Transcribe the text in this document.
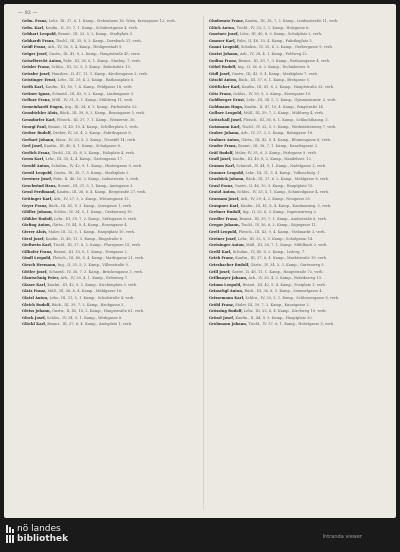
— 92 —
Gebn. Franz, Lehr., III, 37, 6, 1. Kamp., Siebenhaus 16, Wien, Kreuzgasse 12, verh.
Gebs. Karl, Kaufm., II, 29, 7, 1. Kamp., Schubertgasse 4, verh.
Gebhart Leopold, Beamt., III, 33, 5, 2. Kamp., Stadtplatz 3.
Gebhardt Franz, Tischl., III, 35, 8, 3. Kamp., Dornbach 21, verh.
Geidl Franz, Arb., IV, 26, 3, 4. Kamp., Heiligenstadt 9.
Geiger Josef, Gastw., III, 41, 9, 2. Kamp., Hauptstraße 45, verw.
Geiselbrecht Anton, Fabr., III, 38, 6, 1. Kamp., Marktg. 7, verh.
Geisler Franz, Schlos., III, 32, 5, 3. Kamp., Bahnhofstr. 13.
Geissler Josef, Hausbes., II, 47, 11, 1. Kamp., Kirchengasse 2, verh.
Geistinger Ernst, Lehr., III, 29, 4, 2. Kamp., Rathausplatz 6.
Geith Karl, Kaufm., III, 36, 7, 4. Kamp., Feldgasse 18, verh.
Geitner Ignaz, Schneid., III, 43, 9, 2. Kamp., Lindengasse 3.
Gellner Franz, Müll., IV, 31, 5, 1. Kamp., Mühlweg 11, verh.
Gemeinhardt Eugen, Ing., III, 34, 6, 3. Kamp., Parkstraße 22.
Gensbichler Alois, Bäck., III, 39, 8, 2. Kamp., Brunngasse 5, verh.
Gensdorfer Karl, Fleisch., III, 37, 7, 1. Kamp., Wienerstr. 30.
Georgi Paul, Beamt., II, 45, 10, 4. Kamp., Schillerplatz 1, verh.
Gerber Rudolf, Dreher, IV, 28, 4, 2. Kamp., Fabriksgasse 8.
Gerhart Johann, Maur., IV, 33, 5, 3. Kamp., Neustift 14, verh.
Gerl Josef, Kaufm., III, 40, 8, 1. Kamp., Schulgasse 6.
Gerlich Franz, Tischl., III, 35, 6, 2. Kamp., Holzplatz 4, verh.
Germ Karl, Lehr., III, 30, 4, 4. Kamp., Gartengasse 17.
Gerold Anton, Schuhm., IV, 42, 9, 1. Kamp., Hintergasse 9, verh.
Gerstl Leopold, Gastw., III, 38, 7, 3. Kamp., Marktplatz 2.
Gerstner Josef, Fabr., II, 46, 10, 2. Kamp., Industriestr. 5, verh.
Geschwind Hans, Beamt., III, 31, 5, 1. Kamp., Amtsgasse 3.
Gessl Ferdinand, Kaufm., III, 36, 6, 4. Kamp., Bergstraße 27, verh.
Gettinger Karl, Arb., IV, 27, 3, 2. Kamp., Wiesengasse 12.
Geyer Franz, Bäck., III, 41, 8, 3. Kamp., Quergasse 1, verh.
Gföller Johann, Schlos., IV, 34, 5, 1. Kamp., Grabenweg 19.
Gföhler Rudolf, Lehr., III, 39, 7, 2. Kamp., Stiftsgasse 8, verh.
Giefing Anton, Gärtn., IV, 44, 9, 4. Kamp., Rosengasse 4.
Gierer Alois, Maler, III, 32, 5, 1. Kamp., Hauptplatz 10, verh.
Giesl Josef, Kaufm., II, 48, 11, 3. Kamp., Ringstraße 6.
Gießwein Karl, Tischl., III, 37, 6, 2. Kamp., Pfarrgasse 15, verh.
Gilhofer Franz, Beamt., III, 35, 6, 1. Kamp., Postgasse 2.
Gindl Leopold, Fleisch., III, 40, 8, 4. Kamp., Marktgasse 21, verh.
Girsch Hermann, Ing., II, 33, 5, 2. Kamp., Villenstraße 9.
Gittler Josef, Schneid., IV, 38, 7, 3. Kamp., Brückengasse 3, verh.
Glantschnig Peter, Arb., IV, 29, 4, 1. Kamp., Erlenweg 7.
Glaser Karl, Kaufm., III, 42, 9, 2. Kamp., Kirchenplatz 5, verh.
Glatz Franz, Müll., III, 36, 6, 4. Kamp., Mühlgasse 16.
Glatzl Anton, Lehr., III, 31, 5, 1. Kamp., Schulstraße 4, verh.
Gleich Rudolf, Bäck., III, 39, 7, 3. Kamp., Backgasse 2.
Gleiss Johann, Gastw., II, 45, 10, 2. Kamp., Hauptstraße 61, verh.
Glock Josef, Schlos., IV, 34, 5, 1. Kamp., Werkgasse 8.
Glöckl Karl, Beamt., III, 37, 6, 4. Kamp., Amtsplatz 1, verh.
Gludowatz Franz, Kaufm., III, 38, 7, 2. Kamp., Lindenstraße 11, verh.
Glück Anton, Tischl., IV, 33, 5, 1. Kamp., Holzgasse 6.
Gmeiner Josef, Lehr., III, 40, 8, 3. Kamp., Schulplatz 2, verh.
Gmoser Karl, Fabr., II, 46, 10, 4. Kamp., Fabriksplatz 3.
Gnant Leopold, Schuhm., IV, 35, 6, 2. Kamp., Gerbergasse 9, verh.
Gneist Johann, Arb., IV, 28, 4, 1. Kamp., Feldweg 22.
Godina Franz, Beamt., III, 39, 7, 3. Kamp., Rathausgasse 4, verh.
Göbel Rudolf, Ing., II, 36, 6, 2. Kamp., Technikerstr. 8.
Gödl Josef, Gastw., III, 43, 9, 4. Kamp., Marktplatz 7, verh.
Göschl Anton, Bäck., III, 37, 6, 1. Kamp., Brotgasse 5.
Göttlicher Karl, Kaufm., III, 41, 8, 2. Kamp., Hauptstraße 33, verh.
Götz Franz, Schlos., IV, 30, 5, 3. Kamp., Eisengasse 10.
Goldberger Ernst, Lehr., III, 34, 5, 1. Kamp., Gymnasiumstr. 2, verh.
Goldmann Hugo, Kaufm., II, 47, 10, 4. Kamp., Ringstraße 14.
Gollner Leopold, Müll., III, 39, 7, 2. Kamp., Mühlweg 4, verh.
Gottschall Josef, Fleisch., III, 36, 6, 1. Kamp., Schlachthausg. 3.
Gotzmann Karl, Tischl., IV, 32, 5, 3. Kamp., Werkstättenweg 7, verh.
Graber Johann, Arb., IV, 27, 3, 2. Kamp., Bahngasse 18.
Grabner Anton, Gärtn., III, 42, 9, 4. Kamp., Blumengasse 6, verh.
Grader Franz, Beamt., III, 38, 7, 1. Kamp., Kanzleigasse 2.
Gräf Rudolf, Maler, IV, 35, 6, 3. Kamp., Farbgasse 9, verh.
Grafl Josef, Kaufm., III, 40, 8, 2. Kamp., Handelsstr. 12.
Gramm Karl, Schneid., IV, 44, 9, 1. Kamp., Nadelgasse 3, verh.
Granner Leopold, Lehr., III, 31, 5, 4. Kamp., Volksschulg. 1.
Grasböck Johann, Bäck., III, 37, 6, 2. Kamp., Mehlgasse 8, verh.
Grasl Franz, Gastw., II, 46, 10, 3. Kamp., Hauptplatz 15.
Gratzl Anton, Schlos., IV, 33, 5, 1. Kamp., Schmiedgasse 4, verh.
Grausam Josef, Arb., IV, 29, 4, 2. Kamp., Neugasse 20.
Graupner Karl, Kaufm., III, 41, 8, 4. Kamp., Kaufmannsg. 5, verh.
Grebner Rudolf, Ing., II, 35, 6, 3. Kamp., Ingenieurweg 2.
Gredler Franz, Beamt., III, 39, 7, 1. Kamp., Amtsstraße 6, verh.
Gregor Johann, Tischl., IV, 36, 6, 2. Kamp., Sägegasse 11.
Greil Leopold, Fleisch., III, 43, 9, 4. Kamp., Viehmarkt 3, verh.
Greiner Josef, Lehr., III, 32, 5, 3. Kamp., Schulgasse 14.
Greisinger Anton, Müll., III, 38, 7, 1. Kamp., Mühlbach 2, verh.
Greßl Karl, Schuhm., IV, 40, 8, 2. Kamp., Lederg. 7.
Grieb Franz, Kaufm., III, 37, 6, 4. Kamp., Marktstraße 19, verh.
Griesbacher Rudolf, Gärtn., IV, 34, 5, 3. Kamp., Gartenweg 5.
Grill Josef, Gastw., II, 48, 11, 1. Kamp., Hauptstraße 72, verh.
Grillmayer Johann, Arb., IV, 30, 4, 2. Kamp., Fabriksweg 13.
Grimm Leopold, Beamt., III, 42, 9, 4. Kamp., Postplatz 1, verh.
Grinschgl Anton, Bäck., III, 36, 6, 3. Kamp., Semmelgasse 4.
Grissemann Karl, Schlos., IV, 33, 5, 1. Kamp., Schlossergasse 8, verh.
Gröbl Franz, Maler, III, 39, 7, 2. Kamp., Kunstgasse 3.
Grössing Rudolf, Lehr., III, 35, 6, 4. Kamp., Kirchweg 10, verh.
Grössl Josef, Kaufm., II, 44, 9, 3. Kamp., Hauptplatz 20.
Grohmann Johann, Tischl., IV, 37, 6, 1. Kamp., Hobelgasse 5, verh.
nö landes
bibliothek	Intranda viewer
